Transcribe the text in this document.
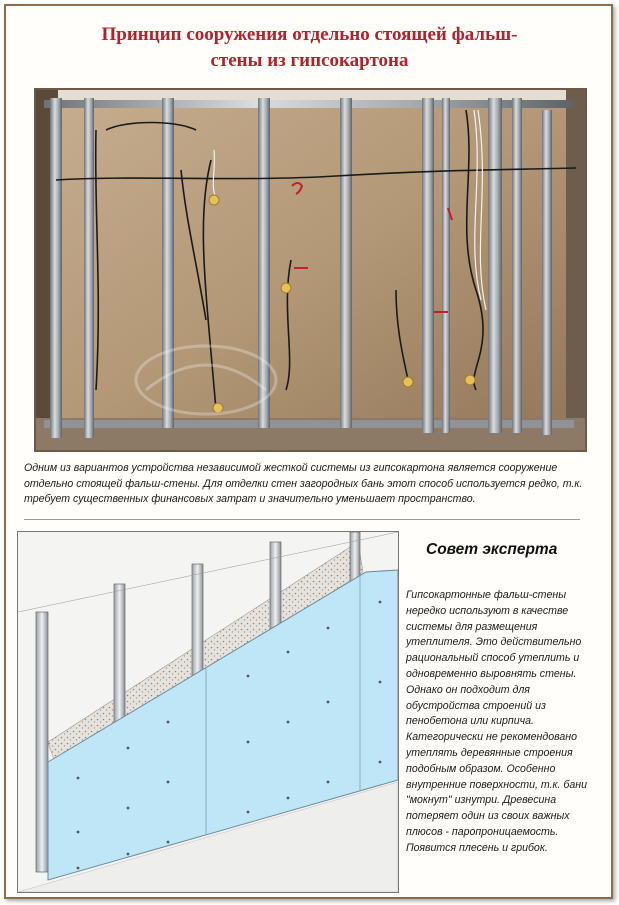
Принцип сооружения отдельно стоящей фальш-
стены из гипсокартона
Одним из вариантов устройства независимой жесткой системы из гипсокартона является сооружение отдельно стоящей фальш-стены. Для отделки стен загородных бань этот способ используется редко, т.к. требует существенных финансовых затрат и значительно уменьшает пространство.
Совет эксперта

Гипсокартонные фальш-стены нередко используют в качестве системы для размещения утеплителя. Это действительно рациональный способ утеплить и одновременно выровнять стены. Однако он подходит для обустройства строений из пенобетона или кирпича. Категорически не рекомендовано утеплять деревянные строения подобным образом. Особенно внутренние поверхности, т.к. бани "мокнут" изнутри. Древесина потеряет один из своих важных плюсов - паропроницаемость. Появится плесень и грибок.
